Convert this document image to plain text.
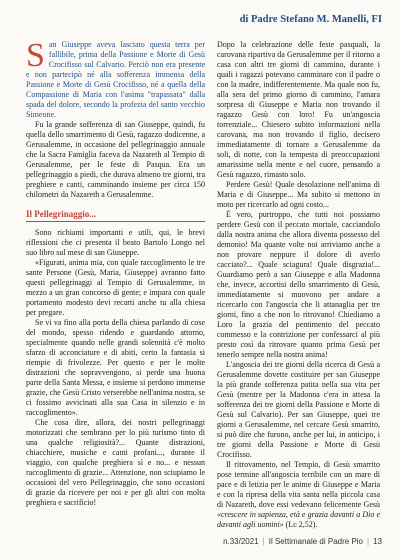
di Padre Stefano M. Manelli, FI

San Giuseppe aveva lasciato questa terra per fallibile, prima della Passione e Morte di Gesù Crocifisso sul Calvario. Perciò non era presente e non partecipò né alla sofferenza immensa della Passione e Morte di Gesù Crocifisso, né a quella della Compassione di Maria con l'anima "trapassata" dalla spada del dolore, secondo la profezia del santo vecchio Simeone.

Fu la grande sofferenza di san Giuseppe, quindi, fu quella dello smarrimento di Gesù, ragazzo dodicenne, a Gerusalemme, in occasione del pellegrinaggio annuale che la Sacra Famiglia faceva da Nazareth al Tempio di Gerusalemme, per le feste di Pasqua. Era un pellegrinaggio a piedi, che durava almeno tre giorni, tra preghiere e canti, camminando insieme per circa 150 chilometri da Nazareth a Gerusalemme.

Il Pellegrinaggio...

Sono richiami importanti e utili, qui, le brevi riflessioni che ci presenta il beato Bartolo Longo nel suo libro sul mese di san Giuseppe.

«Figurati, anima mia, con quale raccoglimento le tre sante Persone (Gesù, Maria, Giuseppe) avranno fatto questi pellegrinaggi al Tempio di Gerusalemme, in mezzo a un gran concorso di gente; e impara con quale portamento modesto devi recarti anche tu alla chiesa per pregare.

Se vi va fino alla porta della chiesa parlando di cose del mondo, spesso ridendo e guardando attorno, specialmente quando nelle grandi solennità c'è molto sfarzo di acconciature e di abiti, certo la fantasia si riempie di frivolezze. Per questo e per le molte distrazioni che sopravvengono, si perde una buona parte della Santa Messa, e insieme si perdono immense grazie, che Gesù Cristo verserebbe nell'anima nostra, se ci fossimo avvicinati alla sua Casa in silenzio e in raccoglimento».

Che cosa dire, allora, dei nostri pellegrinaggi motorizzati che sembrano per lo più turismo tinto di una qualche religiosità?... Quante distrazioni, chiacchiere, musiche e canti profani..., durante il viaggio, con qualche preghiera sì e no... e nessun raccoglimento di grazie... Attenzione, non sciupiamo le occasioni del vero Pellegrinaggio, che sono occasioni di grazie da ricevere per noi e per gli altri con molta preghiera e sacrificio!

Dopo la celebrazione delle feste pasquali, la carovana ripartiva da Gerusalemme per il ritorno a casa con altri tre giorni di cammino, durante i quali i ragazzi potevano camminare con il padre o con la madre, indifferentemente. Ma quale non fu, alla sera del primo giorno di cammino, l'amara sorpresa di Giuseppe e Maria non trovando il ragazzo Gesù con loro! Fu un'angoscia torrenziale... Chiesero subito informazioni nella carovana, ma non trovando il figlio, decisero immediatamente di tornare a Gerusalemme da soli, di notte, con la tempesta di preoccupazioni amarissime nella mente e nel cuore, pensando a Gesù ragazzo, rimasto solo.

Perdere Gesù! Quale desolazione nell'anima di Maria e di Giuseppe... Ma subito si mettono in moto per ricercarlo ad ogni costo...

È vero, purtroppo, che tutti noi possiamo perdere Gesù con il peccato mortale, cacciandolo dalla nostra anima che allora diventa possesso del demonio! Ma quante volte noi arriviamo anche a non provare neppure il dolore di averlo cacciato?... Quale sciagura! Quale disgrazia!... Guardiamo però a san Giuseppe e alla Madonna che, invece, accortisi dello smarrimento di Gesù, immediatamente si muovono per andare a ricercarlo con l'angoscia che li attanaglia per tre giorni, fino a che non lo ritrovano! Chiediamo a Loro la grazia del pentimento del peccato commesso e la contrizione per confessarci al più presto così da ritrovare quanto prima Gesù per tenerlo sempre nella nostra anima!

L'angoscia dei tre giorni della ricerca di Gesù a Gerusalemme dovette costituire per san Giuseppe la più grande sofferenza patita nella sua vita per Gesù (mentre per la Madonna c'era in attesa la sofferenza dei tre giorni della Passione e Morte di Gesù sul Calvario). Per san Giuseppe, quei tre giorni a Gerusalemme, nel cercare Gesù smarrito, si può dire che furono, anche per lui, in anticipo, i tre giorni della Passione e Morte di Gesù Crocifisso.

Il ritrovamento, nel Tempio, di Gesù smarrito pose termine all'angoscia terribile con un mare di pace e di letizia per le anime di Giuseppe e Maria e con la ripresa della vita santa nella piccola casa di Nazareth, dove essi vedevano felicemente Gesù «crescere in sapienza, età e grazia davanti a Dio e davanti agli uomini» (Lc 2,52).

n.33/2021 | Il Settimanale di Padre Pio | 13
